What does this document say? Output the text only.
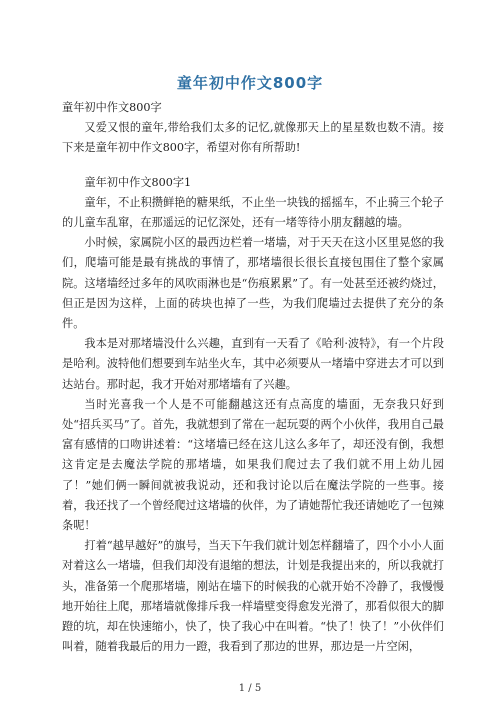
童年初中作文800字

童年初中作文800字

又爱又恨的童年,带给我们太多的记忆,就像那天上的星星数也数不清。接下来是童年初中作文800字，希望对你有所帮助!

童年初中作文800字1

童年，不止积攒鲜艳的糖果纸，不止坐一块钱的摇摇车，不止骑三个轮子的儿童车乱窜，在那遥远的记忆深处，还有一堵等待小朋友翻越的墙。

小时候，家属院小区的最西边栏着一堵墙，对于天天在这小区里晃悠的我们，爬墙可能是最有挑战的事情了，那堵墙很长很长直接包围住了整个家属院。这堵墙经过多年的风吹雨淋也是“伤痕累累”了。有一处甚至还被约烧过，但正是因为这样，上面的砖块也掉了一些，为我们爬墙过去提供了充分的条件。

我本是对那堵墙没什么兴趣，直到有一天看了《哈利·波特》，有一个片段是哈利。波特他们想要到车站坐火车，其中必须要从一堵墙中穿进去才可以到达站台。那时起，我才开始对那堵墙有了兴趣。

当时光喜我一个人是不可能翻越这还有点高度的墙面，无奈我只好到处“招兵买马”了。首先，我就想到了常在一起玩耍的两个小伙伴，我用自己最富有感情的口吻讲述着：“这堵墙已经在这儿这么多年了，却还没有倒，我想这肯定是去魔法学院的那堵墙，如果我们爬过去了我们就不用上幼儿园了！”她们俩一瞬间就被我说动，还和我讨论以后在魔法学院的一些事。接着，我还找了一个曾经爬过这堵墙的伙伴，为了请她帮忙我还请她吃了一包辣条呢！

打着“越早越好”的旗号，当天下午我们就计划怎样翻墙了，四个小小人面对着这么一堵墙，但我们却没有退缩的想法，计划是我提出来的，所以我就打头，准备第一个爬那堵墙，刚站在墙下的时候我的心就开始不冷静了，我慢慢地开始往上爬，那堵墙就像排斥我一样墙壁变得愈发光滑了，那看似很大的脚蹬的坑，却在快速缩小，快了，快了我心中在叫着。“快了！快了！”小伙伴们叫着，随着我最后的用力一蹬，我看到了那边的世界，那边是一片空闲，

1 / 5
